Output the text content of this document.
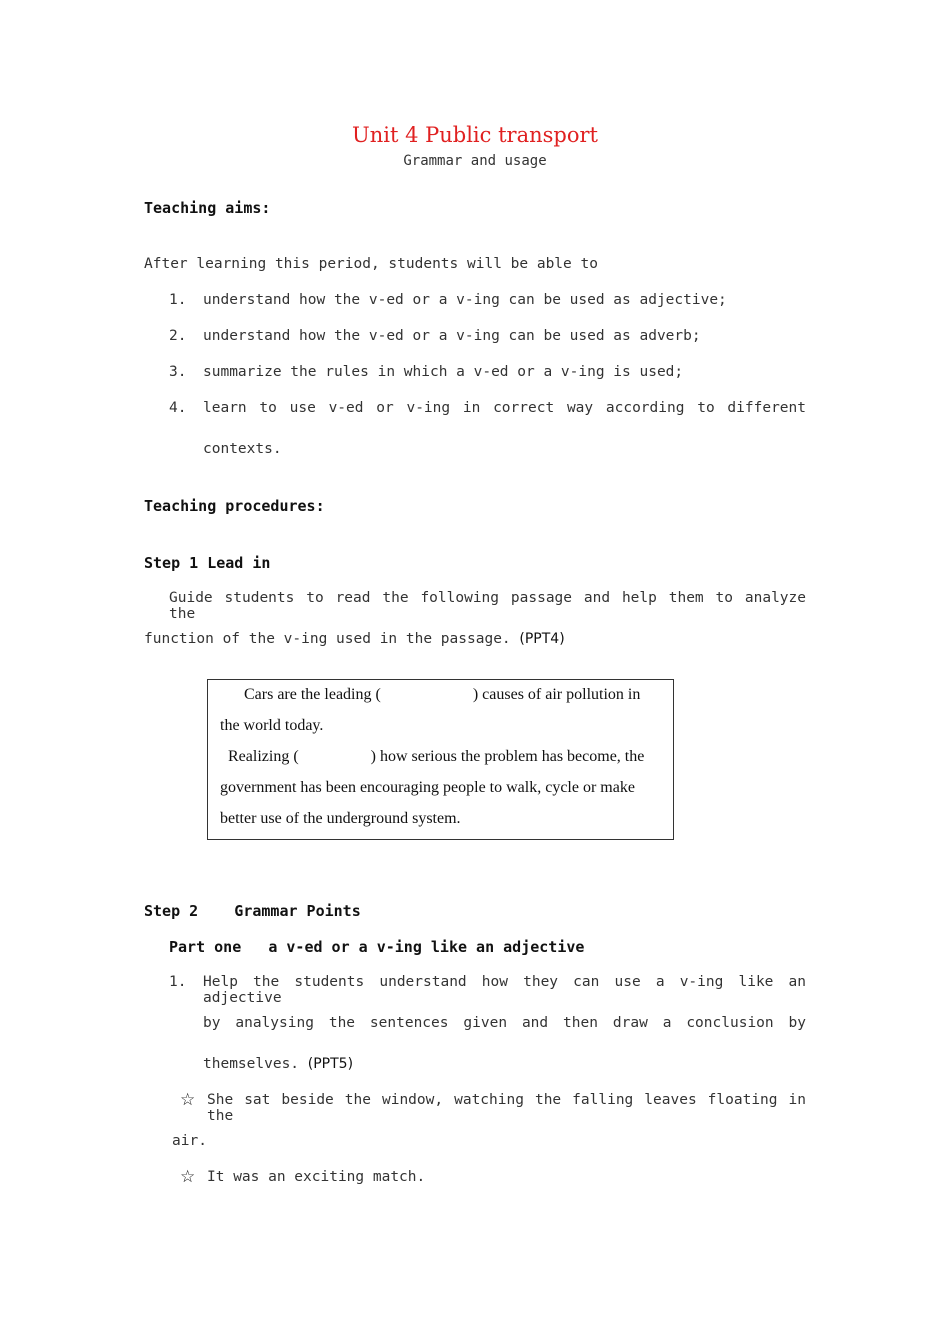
Unit 4 Public transport
Grammar and usage
Teaching aims:
After learning this period, students will be able to
1. understand how the v-ed or a v-ing can be used as adjective;
2. understand how the v-ed or a v-ing can be used as adverb;
3. summarize the rules in which a v-ed or a v-ing is used;
4. learn to use v-ed or v-ing in correct way according to different
contexts.
Teaching procedures:
Step 1 Lead in
Guide students to read the following passage and help them to analyze the
function of the v-ing used in the passage. (PPT4)
Cars are the leading (	) causes of air pollution in
the world today.
Realizing (	) how serious the problem has become, the
government has been encouraging people to walk, cycle or make
better use of the underground system.
Step 2    Grammar Points
Part one   a v-ed or a v-ing like an adjective
1. Help the students understand how they can use a v-ing like an adjective
by analysing the sentences given and then draw a conclusion by
themselves. (PPT5)
☆ She sat beside the window, watching the falling leaves floating in the
air.
☆ It was an exciting match.
